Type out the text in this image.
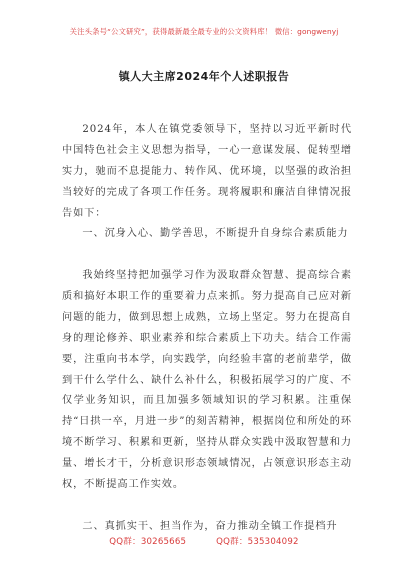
关注头条号“公文研究”，获得最新最全最专业的公文资料库！ 微信：gongwenyj
镇人大主席2024年个人述职报告

2024年，本人在镇党委领导下，坚持以习近平新时代中国特色社会主义思想为指导，一心一意谋发展、促转型增实力，驰而不息提能力、转作风、优环境，以坚强的政治担当较好的完成了各项工作任务。现将履职和廉洁自律情况报告如下：

一、沉身入心、勤学善思，不断提升自身综合素质能力

我始终坚持把加强学习作为汲取群众智慧、提高综合素质和搞好本职工作的重要着力点来抓。努力提高自己应对新问题的能力，做到思想上成熟，立场上坚定。努力在提高自身的理论修养、职业素养和综合素质上下功夫。结合工作需要，注重向书本学，向实践学，向经验丰富的老前辈学，做到干什么学什么、缺什么补什么，积极拓展学习的广度、不仅学业务知识，而且加强多领域知识的学习积累。注重保持“日拱一卒，月进一步”的刻苦精神，根据岗位和所处的环境不断学习、积累和更新，坚持从群众实践中汲取智慧和力量、增长才干，分析意识形态领域情况，占领意识形态主动权，不断提高工作实效。

二、真抓实干、担当作为，奋力推动全镇工作提档升

QQ群：30265665	QQ群：535304092
